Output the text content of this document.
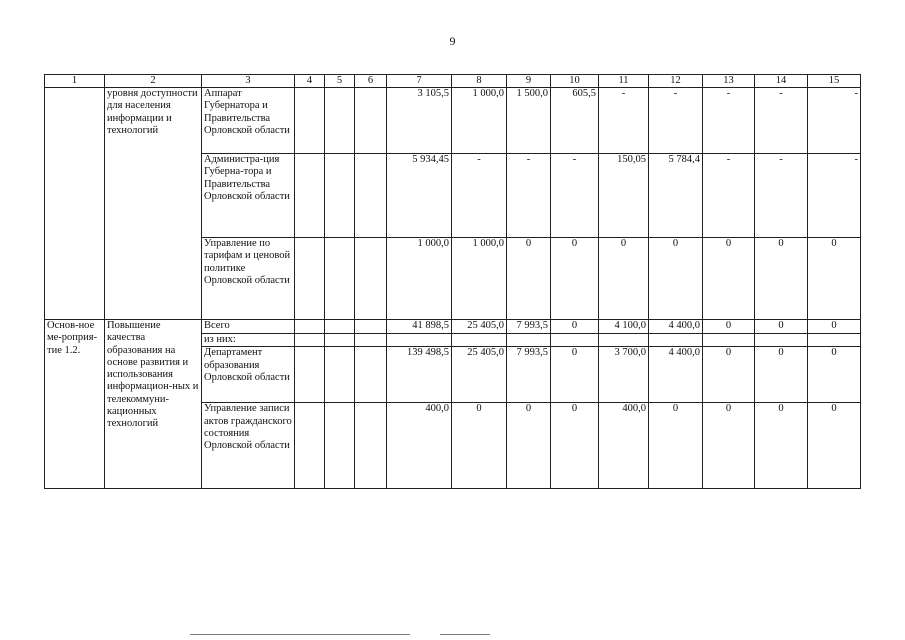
9
1	2	3	4	5	6	7	8	9	10	11	12	13	14	15
	уровня доступности для населения информации и технологий	Аппарат Губернатора и Правительства Орловской области				3 105,5	1 000,0	1 500,0	605,5	-	-	-	-	-
		Администра-ция Губерна-тора и Правительства Орловской области				5 934,45	-	-	-	150,05	5 784,4	-	-	-
		Управление по тарифам и ценовой политике Орловской области				1 000,0	1 000,0	0	0	0	0	0	0	0
Основ-ное ме-роприя-тие 1.2.	Повышение качества образования на основе развития и использования информацион-ных и телекоммуни-кационных технологий	Всего				41 898,5	25 405,0	7 993,5	0	4 100,0	4 400,0	0	0	0
		из них:												
		Департамент образования Орловской области				139 498,5	25 405,0	7 993,5	0	3 700,0	4 400,0	0	0	0
		Управление записи актов гражданского состояния Орловской области				400,0	0	0	0	400,0	0	0	0	0
